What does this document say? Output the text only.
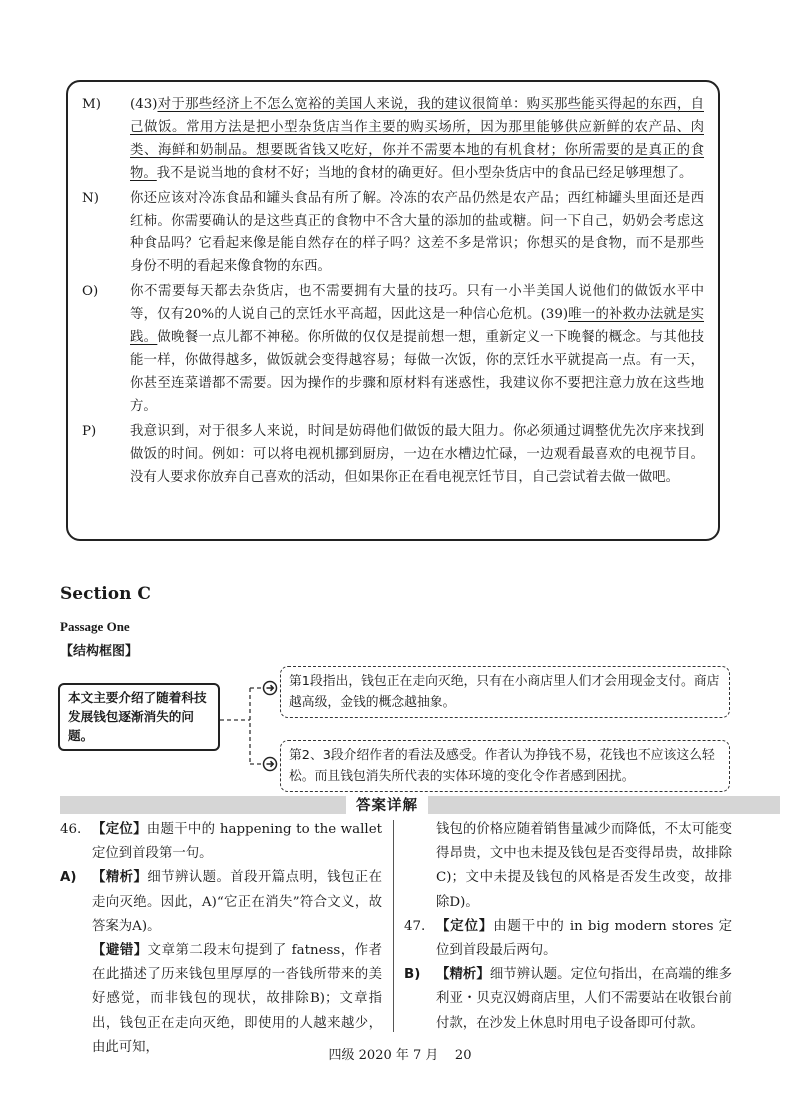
M)	(43)对于那些经济上不怎么宽裕的美国人来说，我的建议很简单：购买那些能买得起的东西，自己做饭。常用方法是把小型杂货店当作主要的购买场所，因为那里能够供应新鲜的农产品、肉类、海鲜和奶制品。想要既省钱又吃好，你并不需要本地的有机食材；你所需要的是真正的食物。我不是说当地的食材不好；当地的食材的确更好。但小型杂货店中的食品已经足够理想了。
N)	你还应该对冷冻食品和罐头食品有所了解。冷冻的农产品仍然是农产品；西红柿罐头里面还是西红柿。你需要确认的是这些真正的食物中不含大量的添加的盐或糖。问一下自己，奶奶会考虑这种食品吗？它看起来像是能自然存在的样子吗？这差不多是常识；你想买的是食物，而不是那些身份不明的看起来像食物的东西。
O)	你不需要每天都去杂货店，也不需要拥有大量的技巧。只有一小半美国人说他们的做饭水平中等，仅有20%的人说自己的烹饪水平高超，因此这是一种信心危机。(39)唯一的补救办法就是实践。做晚餐一点儿都不神秘。你所做的仅仅是提前想一想，重新定义一下晚餐的概念。与其他技能一样，你做得越多，做饭就会变得越容易；每做一次饭，你的烹饪水平就提高一点。有一天，你甚至连菜谱都不需要。因为操作的步骤和原材料有迷惑性，我建议你不要把注意力放在这些地方。
P)	我意识到，对于很多人来说，时间是妨碍他们做饭的最大阻力。你必须通过调整优先次序来找到做饭的时间。例如：可以将电视机挪到厨房，一边在水槽边忙碌，一边观看最喜欢的电视节目。没有人要求你放弃自己喜欢的活动，但如果你正在看电视烹饪节目，自己尝试着去做一做吧。
Section C
Passage One
【结构框图】
本文主要介绍了随着科技发展钱包逐渐消失的问题。
第1段指出，钱包正在走向灭绝，只有在小商店里人们才会用现金支付。商店越高级，金钱的概念越抽象。
第2、3段介绍作者的看法及感受。作者认为挣钱不易，花钱也不应该这么轻松。而且钱包消失所代表的实体环境的变化令作者感到困扰。
答案详解
46. 【定位】由题干中的 happening to the wallet 定位到首段第一句。
A)	【精析】细节辨认题。首段开篇点明，钱包正在走向灭绝。因此，A)“它正在消失”符合文义，故答案为A)。
【避错】文章第二段末句提到了 fatness，作者在此描述了历来钱包里厚厚的一沓钱所带来的美好感觉，而非钱包的现状，故排除B)；文章指出，钱包正在走向灭绝，即使用的人越来越少，由此可知，
钱包的价格应随着销售量减少而降低，不太可能变得昂贵，文中也未提及钱包是否变得昂贵，故排除C)；文中未提及钱包的风格是否发生改变，故排除D)。
47. 【定位】由题干中的 in big modern stores 定位到首段最后两句。
B)	【精析】细节辨认题。定位句指出，在高端的维多利亚・贝克汉姆商店里，人们不需要站在收银台前付款，在沙发上休息时用电子设备即可付款。
四级 2020 年 7 月    20
